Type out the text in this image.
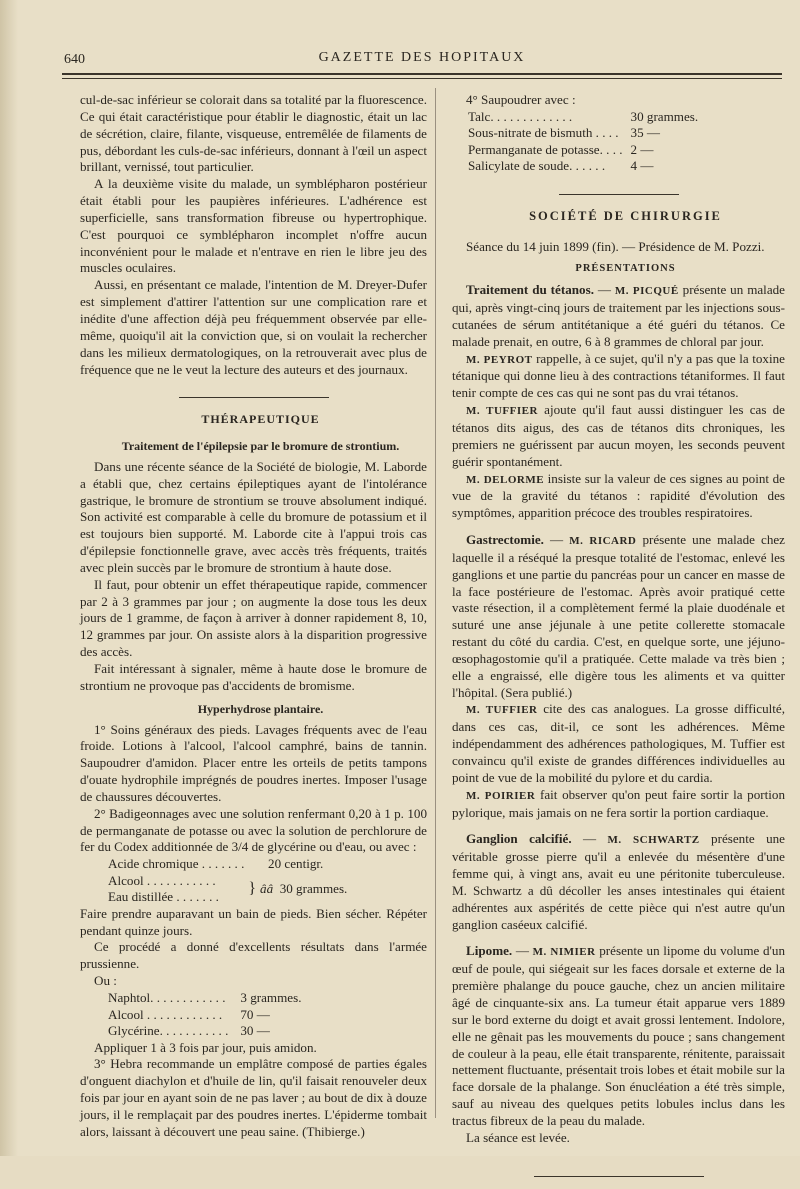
640	GAZETTE DES HOPITAUX

cul-de-sac inférieur se colorait dans sa totalité par la fluorescence. Ce qui était caractéristique pour établir le diagnostic, était un lac de sécrétion, claire, filante, visqueuse, entremêlée de filaments de pus, débordant les culs-de-sac inférieurs, donnant à l'œil un aspect brillant, vernissé, tout particulier.

A la deuxième visite du malade, un symblépharon postérieur était établi pour les paupières inférieures. L'adhérence est superficielle, sans transformation fibreuse ou hypertrophique. C'est pourquoi ce symblépharon incomplet n'offre aucun inconvénient pour le malade et n'entrave en rien le libre jeu des muscles oculaires.

Aussi, en présentant ce malade, l'intention de M. Dreyer-Dufer est simplement d'attirer l'attention sur une complication rare et inédite d'une affection déjà peu fréquemment observée par elle-même, quoiqu'il ait la conviction que, si on voulait la rechercher dans les milieux dermatologiques, on la retrouverait avec plus de fréquence que ne le veut la lecture des auteurs et des journaux.

THÉRAPEUTIQUE

Traitement de l'épilepsie par le bromure de strontium.

Dans une récente séance de la Société de biologie, M. Laborde a établi que, chez certains épileptiques ayant de l'intolérance gastrique, le bromure de strontium se trouve absolument indiqué. Son activité est comparable à celle du bromure de potassium et il est toujours bien supporté. M. Laborde cite à l'appui trois cas d'épilepsie fonctionnelle grave, avec accès très fréquents, traités avec plein succès par le bromure de strontium à haute dose.

Il faut, pour obtenir un effet thérapeutique rapide, commencer par 2 à 3 grammes par jour ; on augmente la dose tous les deux jours de 1 gramme, de façon à arriver à donner rapidement 8, 10, 12 grammes par jour. On assiste alors à la disparition progressive des accès.

Fait intéressant à signaler, même à haute dose le bromure de strontium ne provoque pas d'accidents de bromisme.

Hyperhydrose plantaire.

1° Soins généraux des pieds. Lavages fréquents avec de l'eau froide. Lotions à l'alcool, l'alcool camphré, bains de tannin. Saupoudrer d'amidon. Placer entre les orteils de petits tampons d'ouate hydrophile imprégnés de poudres inertes. Imposer l'usage de chaussures découvertes.

2° Badigeonnages avec une solution renfermant 0,20 à 1 p. 100 de permanganate de potasse ou avec la solution de perchlorure de fer du Codex additionnée de 3/4 de glycérine ou d'eau, ou avec :

Acide chromique . . . . . . .		20 centigr.
Alcool . . . . . . . . . . .	}	ââ 30 grammes.
Eau distillée . . . . . . .		

Faire prendre auparavant un bain de pieds. Bien sécher. Répéter pendant quinze jours.

Ce procédé a donné d'excellents résultats dans l'armée prussienne.

Ou :

Naphtol. . . . . . . . . . . .	3 grammes.
Alcool . . . . . . . . . . . .	70 —
Glycérine. . . . . . . . . . .	30 —

Appliquer 1 à 3 fois par jour, puis amidon.

3° Hebra recommande un emplâtre composé de parties égales d'onguent diachylon et d'huile de lin, qu'il faisait renouveler deux fois par jour en ayant soin de ne pas laver ; au bout de dix à douze jours, il le remplaçait par des poudres inertes. L'épiderme tombait alors, laissant à découvert une peau saine. (Thibierge.)

4° Saupoudrer avec :

Talc. . . . . . . . . . . . .	30 grammes.
Sous-nitrate de bismuth . . . .	35 —
Permanganate de potasse. . . .	2 —
Salicylate de soude. . . . . .	4 —

SOCIÉTÉ DE CHIRURGIE

Séance du 14 juin 1899 (fin). — Présidence de M. Pozzi.

PRÉSENTATIONS

Traitement du tétanos. — M. PICQUÉ présente un malade qui, après vingt-cinq jours de traitement par les injections sous-cutanées de sérum antitétanique a été guéri du tétanos. Ce malade prenait, en outre, 6 à 8 grammes de chloral par jour.

M. PEYROT rappelle, à ce sujet, qu'il n'y a pas que la toxine tétanique qui donne lieu à des contractions tétaniformes. Il faut tenir compte de ces cas qui ne sont pas du vrai tétanos.

M. TUFFIER ajoute qu'il faut aussi distinguer les cas de tétanos dits aigus, des cas de tétanos dits chroniques, les premiers ne guérissent par aucun moyen, les seconds peuvent guérir spontanément.

M. DELORME insiste sur la valeur de ces signes au point de vue de la gravité du tétanos : rapidité d'évolution des symptômes, apparition précoce des troubles respiratoires.

Gastrectomie. — M. RICARD présente une malade chez laquelle il a réséqué la presque totalité de l'estomac, enlevé les ganglions et une partie du pancréas pour un cancer en masse de la face postérieure de l'estomac. Après avoir pratiqué cette vaste résection, il a complètement fermé la plaie duodénale et suturé une anse jéjunale à une petite collerette stomacale restant du côté du cardia. C'est, en quelque sorte, une jéjuno-œsophagostomie qu'il a pratiquée. Cette malade va très bien ; elle a engraissé, elle digère tous les aliments et va quitter l'hôpital. (Sera publié.)

M. TUFFIER cite des cas analogues. La grosse difficulté, dans ces cas, dit-il, ce sont les adhérences. Même indépendamment des adhérences pathologiques, M. Tuffier est convaincu qu'il existe de grandes différences individuelles au point de vue de la mobilité du pylore et du cardia.

M. POIRIER fait observer qu'on peut faire sortir la portion pylorique, mais jamais on ne fera sortir la portion cardiaque.

Ganglion calcifié. — M. SCHWARTZ présente une véritable grosse pierre qu'il a enlevée du mésentère d'une femme qui, à vingt ans, avait eu une péritonite tuberculeuse. M. Schwartz a dû décoller les anses intestinales qui étaient adhérentes aux aspérités de cette pièce qui n'est autre qu'un ganglion caséeux calcifié.

Lipome. — M. NIMIER présente un lipome du volume d'un œuf de poule, qui siégeait sur les faces dorsale et externe de la première phalange du pouce gauche, chez un ancien militaire âgé de cinquante-six ans. La tumeur était apparue vers 1889 sur le bord externe du doigt et avait grossi lentement. Indolore, elle ne gênait pas les mouvements du pouce ; sans changement de couleur à la peau, elle était transparente, rénitente, paraissait nettement fluctuante, présentait trois lobes et était mobile sur la face dorsale de la phalange. Son énucléation a été très simple, sauf au niveau des quelques petits lobules inclus dans les tractus fibreux de la peau du malade.

La séance est levée.
